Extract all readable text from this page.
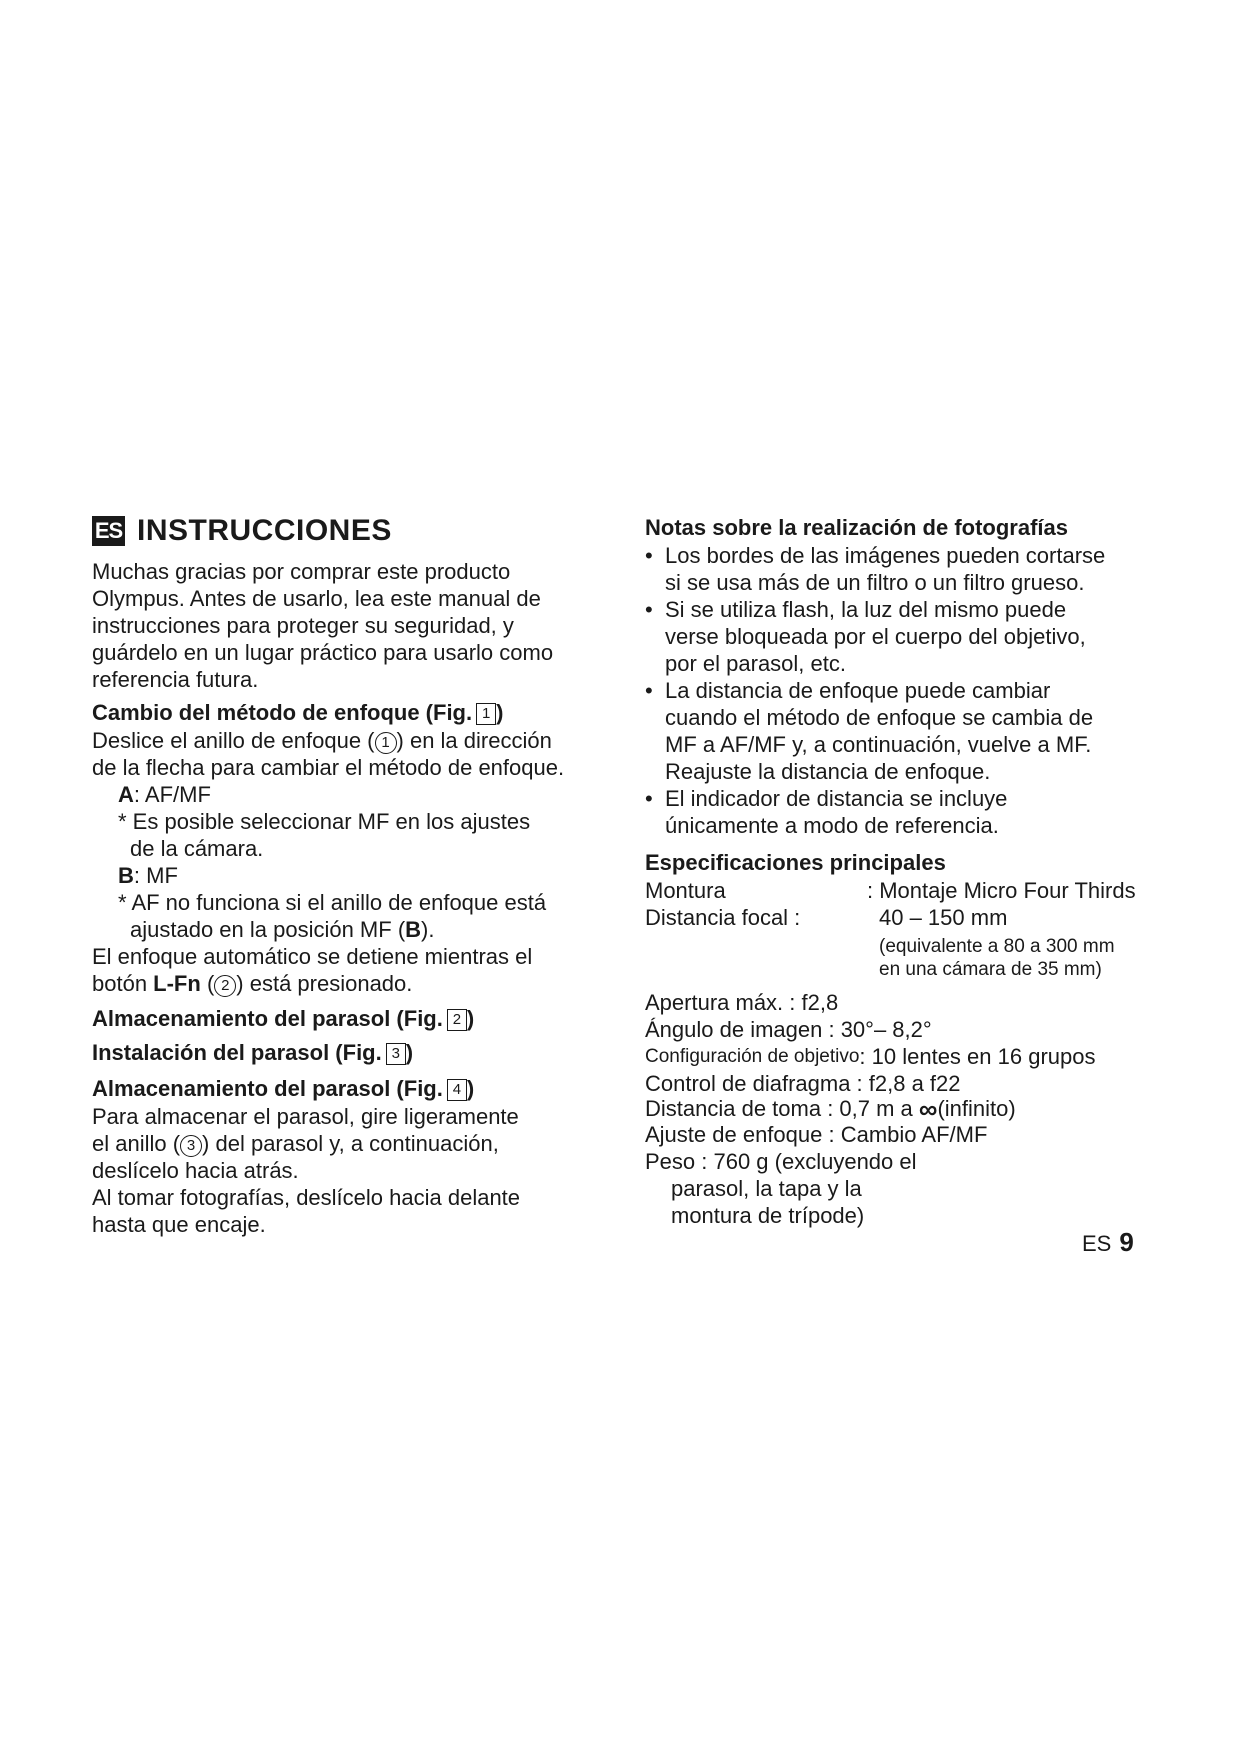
ES INSTRUCCIONES
Muchas gracias por comprar este producto
Olympus. Antes de usarlo, lea este manual de
instrucciones para proteger su seguridad, y
guárdelo en un lugar práctico para usarlo como
referencia futura.
Cambio del método de enfoque (Fig. 1 )
Deslice el anillo de enfoque ( 1 ) en la dirección
de la flecha para cambiar el método de enfoque.
A: AF/MF
* Es posible seleccionar MF en los ajustes
de la cámara.
B: MF
* AF no funciona si el anillo de enfoque está
ajustado en la posición MF (B).
El enfoque automático se detiene mientras el
botón L-Fn ( 2 ) está presionado.
Almacenamiento del parasol (Fig. 2 )
Instalación del parasol (Fig. 3 )
Almacenamiento del parasol (Fig. 4 )
Para almacenar el parasol, gire ligeramente
el anillo ( 3 ) del parasol y, a continuación,
deslícelo hacia atrás.
Al tomar fotografías, deslícelo hacia delante
hasta que encaje.
Notas sobre la realización de fotografías
• Los bordes de las imágenes pueden cortarse
si se usa más de un filtro o un filtro grueso.
• Si se utiliza flash, la luz del mismo puede
verse bloqueada por el cuerpo del objetivo,
por el parasol, etc.
• La distancia de enfoque puede cambiar
cuando el método de enfoque se cambia de
MF a AF/MF y, a continuación, vuelve a MF.
Reajuste la distancia de enfoque.
• El indicador de distancia se incluye
únicamente a modo de referencia.
Especificaciones principales
Montura	: Montaje Micro Four Thirds
Distancia focal :	40 – 150 mm
(equivalente a 80 a 300 mm
en una cámara de 35 mm)
Apertura máx. : f2,8
Ángulo de imagen : 30°– 8,2°
Configuración de objetivo : 10 lentes en 16 grupos
Control de diafragma : f2,8 a f22
Distancia de toma : 0,7 m a
∞ (infinito)
Ajuste de enfoque : Cambio AF/MF
Peso : 760 g (excluyendo el
parasol, la tapa y la
montura de trípode)
ES 9
